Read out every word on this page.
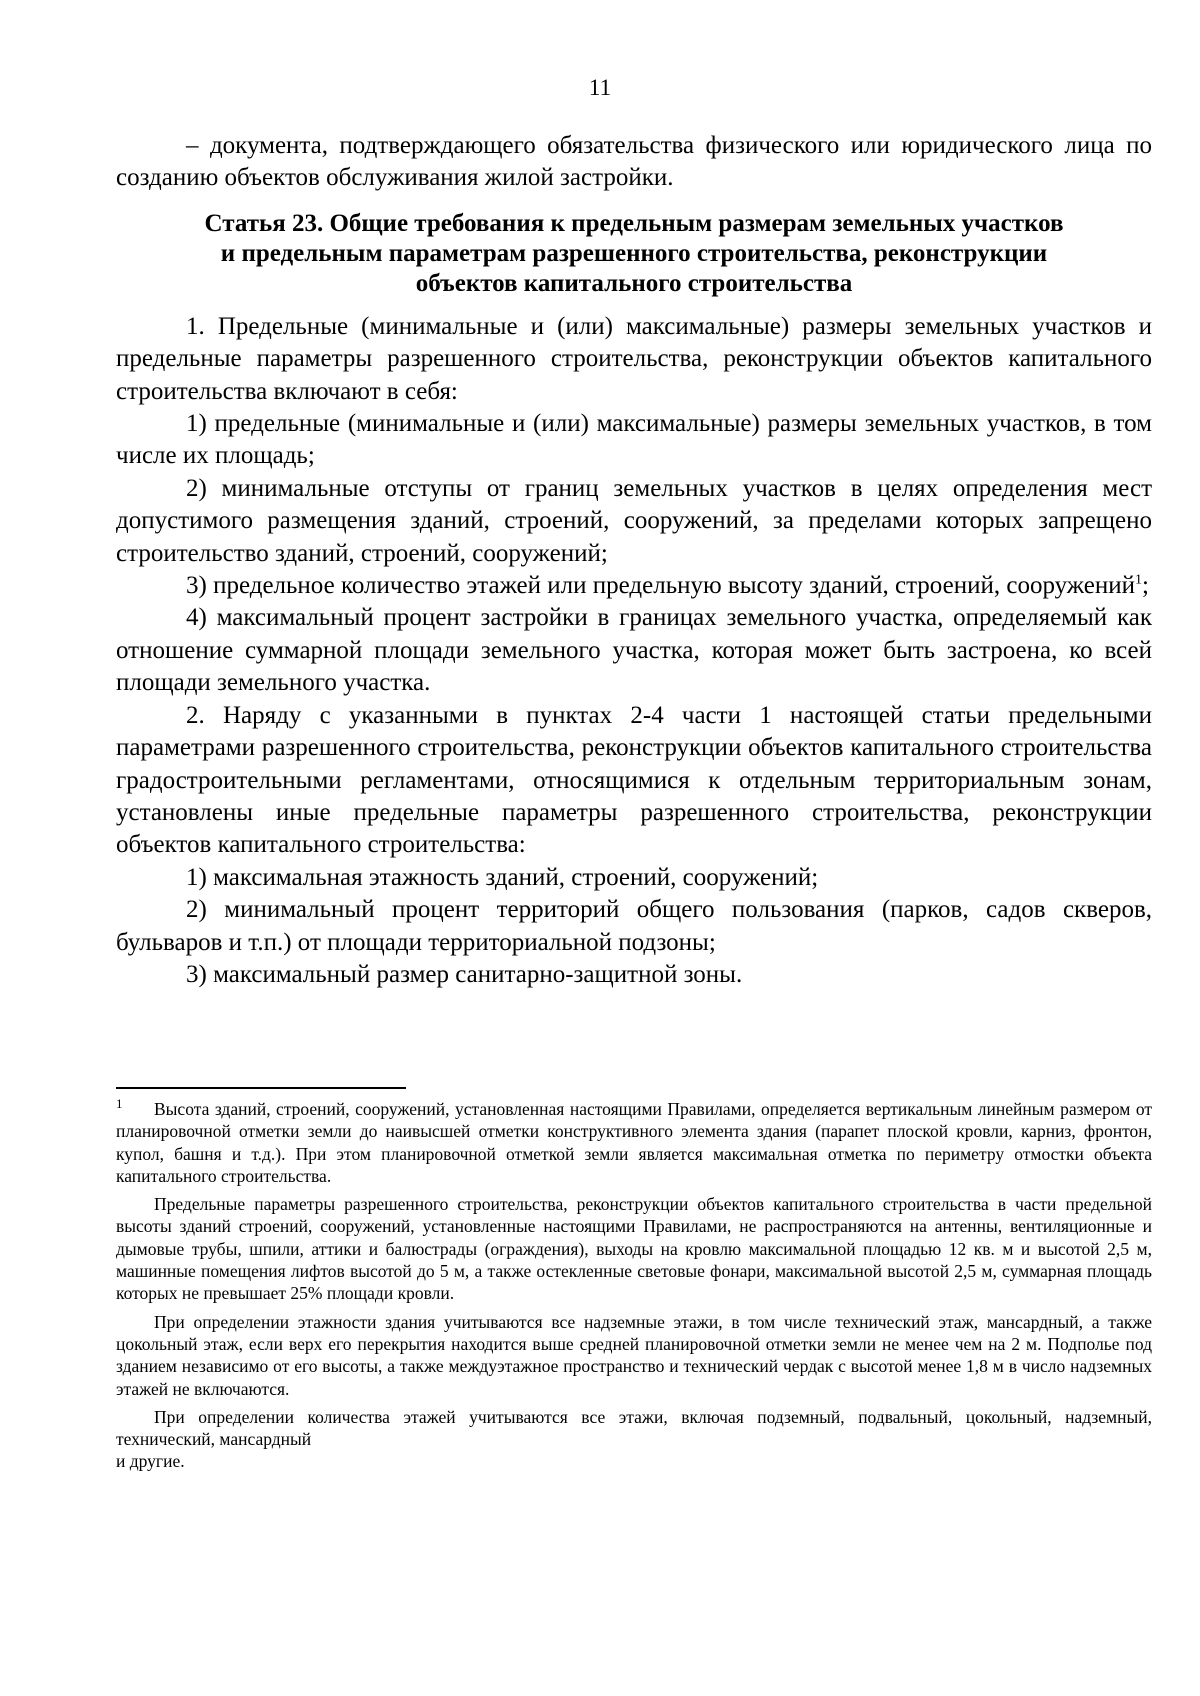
11

– документа, подтверждающего обязательства физического или юридического лица по созданию объектов обслуживания жилой застройки.

Статья 23. Общие требования к предельным размерам земельных участков
и предельным параметрам разрешенного строительства, реконструкции
объектов капитального строительства

1. Предельные (минимальные и (или) максимальные) размеры земельных участков и предельные параметры разрешенного строительства, реконструкции объектов капитального строительства включают в себя:

1) предельные (минимальные и (или) максимальные) размеры земельных участков, в том числе их площадь;

2) минимальные отступы от границ земельных участков в целях определения мест допустимого размещения зданий, строений, сооружений, за пределами которых запрещено строительство зданий, строений, сооружений;

3) предельное количество этажей или предельную высоту зданий, строений, сооружений$^1$;

4) максимальный процент застройки в границах земельного участка, определяемый как отношение суммарной площади земельного участка, которая может быть застроена, ко всей площади земельного участка.

2. Наряду с указанными в пунктах 2-4 части 1 настоящей статьи предельными параметрами разрешенного строительства, реконструкции объектов капитального строительства градостроительными регламентами, относящимися к отдельным территориальным зонам, установлены иные предельные параметры разрешенного строительства, реконструкции объектов капитального строительства:

1) максимальная этажность зданий, строений, сооружений;

2) минимальный процент территорий общего пользования (парков, садов скверов, бульваров и т.п.) от площади территориальной подзоны;

3) максимальный размер санитарно-защитной зоны.

1 Высота зданий, строений, сооружений, установленная настоящими Правилами, определяется вертикальным линейным размером от планировочной отметки земли до наивысшей отметки конструктивного элемента здания (парапет плоской кровли, карниз, фронтон, купол, башня и т.д.). При этом планировочной отметкой земли является максимальная отметка по периметру отмостки объекта капитального строительства.

Предельные параметры разрешенного строительства, реконструкции объектов капитального строительства в части предельной высоты зданий строений, сооружений, установленные настоящими Правилами, не распространяются на антенны, вентиляционные и дымовые трубы, шпили, аттики и балюстрады (ограждения), выходы на кровлю максимальной площадью 12 кв. м и высотой 2,5 м, машинные помещения лифтов высотой до 5 м, а также остекленные световые фонари, максимальной высотой 2,5 м, суммарная площадь которых не превышает 25% площади кровли.

При определении этажности здания учитываются все надземные этажи, в том числе технический этаж, мансардный, а также цокольный этаж, если верх его перекрытия находится выше средней планировочной отметки земли не менее чем на 2 м. Подполье под зданием независимо от его высоты, а также междуэтажное пространство и технический чердак с высотой менее 1,8 м в число надземных этажей не включаются.

При определении количества этажей учитываются все этажи, включая подземный, подвальный, цокольный, надземный, технический, мансардный

и другие.
